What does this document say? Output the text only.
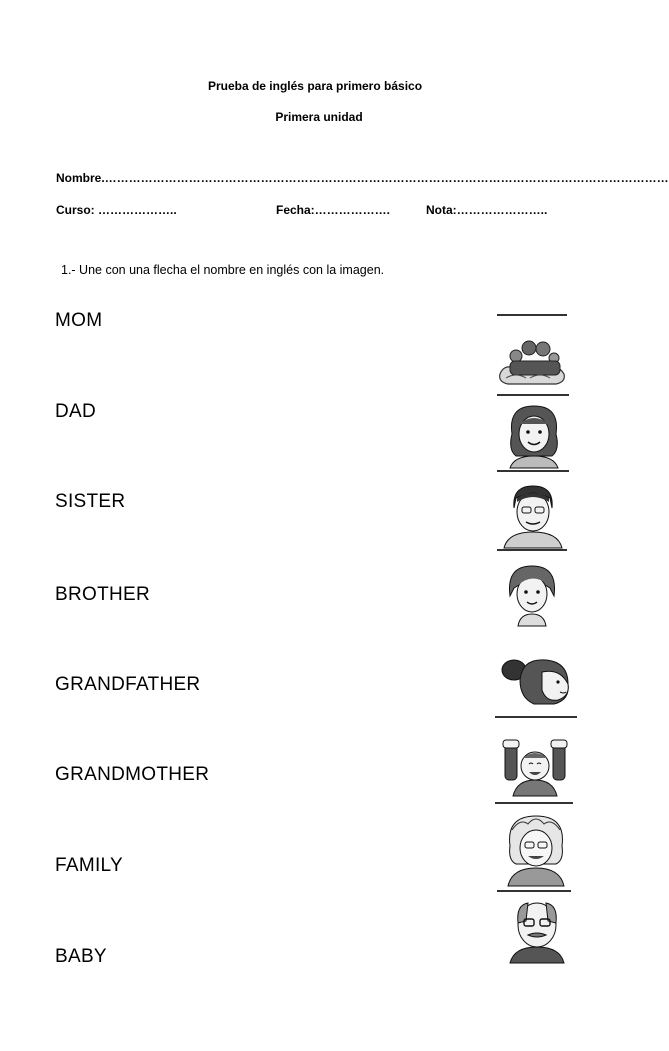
Prueba de inglés para primero básico
Primera unidad
Nombre.……………………………………………………………………………………………………………………………
Curso: ………………..	Fecha:……………….	Nota:…………………..
1.- Une con una flecha el nombre en inglés con la imagen.
MOM
DAD
SISTER
BROTHER
GRANDFATHER
GRANDMOTHER
FAMILY
BABY
